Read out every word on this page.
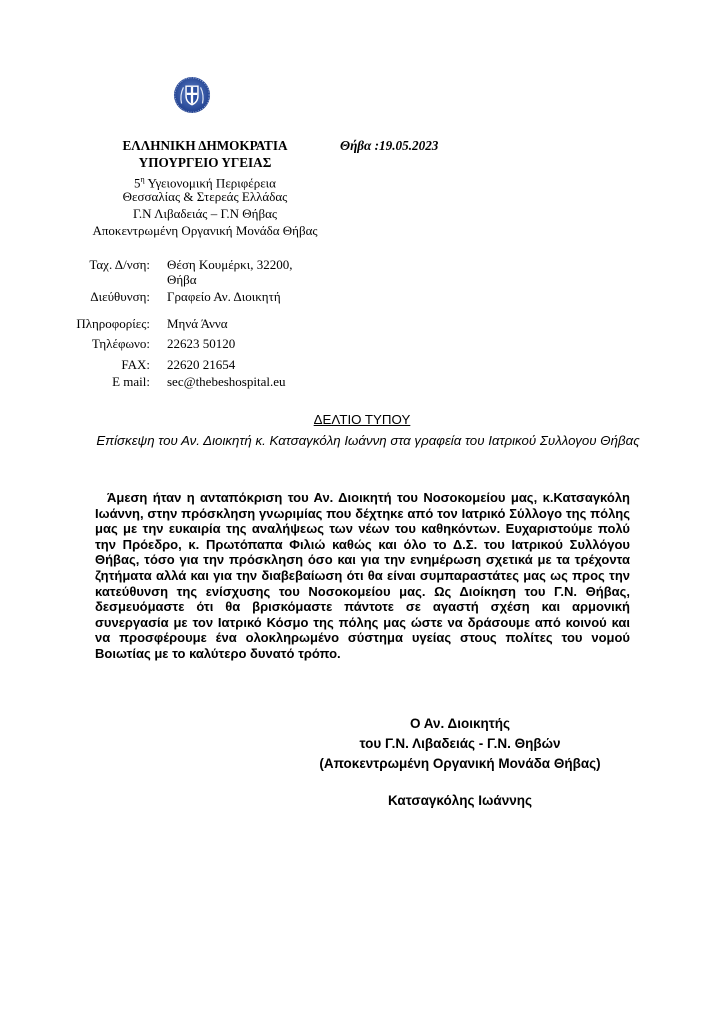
ΕΛΛΗΝΙΚΗ ΔΗΜΟΚΡΑΤΙΑ
ΥΠΟΥΡΓΕΙΟ ΥΓΕΙΑΣ
$5^\eta$ Υγειονομική Περιφέρεια
Θεσσαλίας & Στερεάς Ελλάδας
Γ.Ν Λιβαδειάς – Γ.Ν Θήβας
Αποκεντρωμένη Οργανική Μονάδα Θήβας
Θήβα :19.05.2023
Ταχ. Δ/νση: Θέση Κουμέρκι, 32200,
Θήβα
Διεύθυνση: Γραφείο Αν. Διοικητή
Πληροφορίες: Μηνά Άννα
Τηλέφωνο: 22623 50120
FAX: 22620 21654
E mail: sec@thebeshospital.eu
ΔΕΛΤΙΟ ΤΥΠΟΥ
Επίσκεψη του Αν. Διοικητή κ. Κατσαγκόλη Ιωάννη στα γραφεία του Ιατρικού Συλλογου Θήβας
Άμεση ήταν η ανταπόκριση του Αν. Διοικητή του Νοσοκομείου μας, κ.Κατσαγκόλη Ιωάννη, στην πρόσκληση γνωριμίας που δέχτηκε από τον Ιατρικό Σύλλογο της πόλης μας με την ευκαιρία της αναλήψεως των νέων του καθηκόντων. Ευχαριστούμε πολύ την Πρόεδρο, κ. Πρωτόπαπα Φιλιώ καθώς και όλο το Δ.Σ. του Ιατρικού Συλλόγου Θήβας, τόσο για την πρόσκληση όσο και για την ενημέρωση σχετικά με τα τρέχοντα ζητήματα αλλά και για την διαβεβαίωση ότι θα είναι συμπαραστάτες μας ως προς την κατεύθυνση της ενίσχυσης του Νοσοκομείου μας. Ως Διοίκηση του Γ.Ν. Θήβας, δεσμευόμαστε ότι θα βρισκόμαστε πάντοτε σε αγαστή σχέση και αρμονική συνεργασία με τον Ιατρικό Κόσμο της πόλης μας ώστε να δράσουμε από κοινού και να προσφέρουμε ένα ολοκληρωμένο σύστημα υγείας στους πολίτες του νομού Βοιωτίας με το καλύτερο δυνατό τρόπο.
Ο Αν. Διοικητής
του Γ.Ν. Λιβαδειάς - Γ.Ν. Θηβών
(Αποκεντρωμένη Οργανική Μονάδα Θήβας)
Κατσαγκόλης Ιωάννης
